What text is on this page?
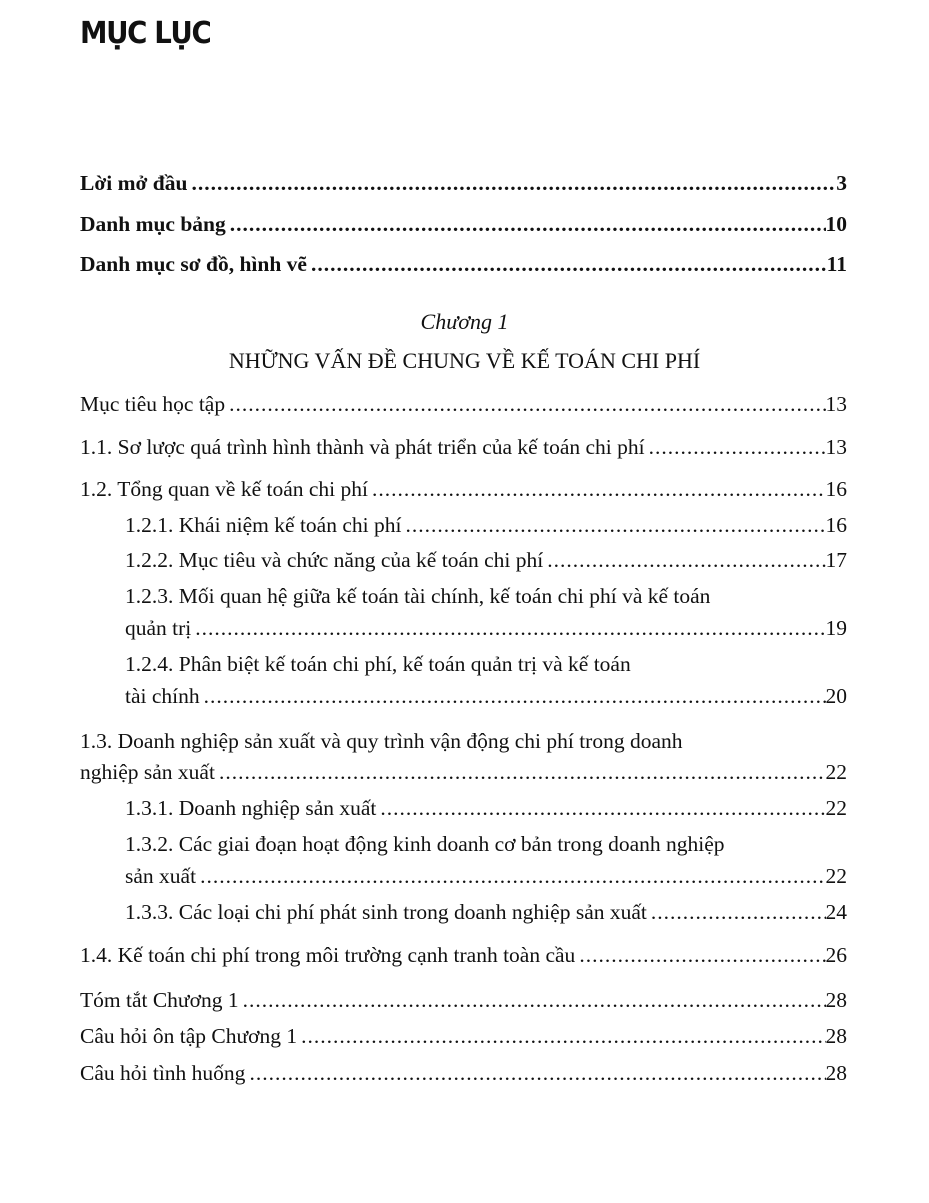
MỤC LỤC
Lời mở đầu .....	3
Danh mục bảng .....	10
Danh mục sơ đồ, hình vẽ .....	11

Chương 1

NHỮNG VẤN ĐỀ CHUNG VỀ KẾ TOÁN CHI PHÍ

Mục tiêu học tập .....	13
1.1. Sơ lược quá trình hình thành và phát triển của kế toán chi phí .....	13
1.2. Tổng quan về kế toán chi phí .....	16
1.2.1. Khái niệm kế toán chi phí .....	16
1.2.2. Mục tiêu và chức năng của kế toán chi phí .....	17
1.2.3. Mối quan hệ giữa kế toán tài chính, kế toán chi phí và kế toán
quản trị .....	19
1.2.4. Phân biệt kế toán chi phí, kế toán quản trị và kế toán
tài chính .....	20
1.3. Doanh nghiệp sản xuất và quy trình vận động chi phí trong doanh
nghiệp sản xuất .....	22
1.3.1. Doanh nghiệp sản xuất .....	22
1.3.2. Các giai đoạn hoạt động kinh doanh cơ bản trong doanh nghiệp
sản xuất .....	22
1.3.3. Các loại chi phí phát sinh trong doanh nghiệp sản xuất .....	24
1.4. Kế toán chi phí trong môi trường cạnh tranh toàn cầu .....	26
Tóm tắt Chương 1 .....	28
Câu hỏi ôn tập Chương 1 .....	28
Câu hỏi tình huống .....	28
